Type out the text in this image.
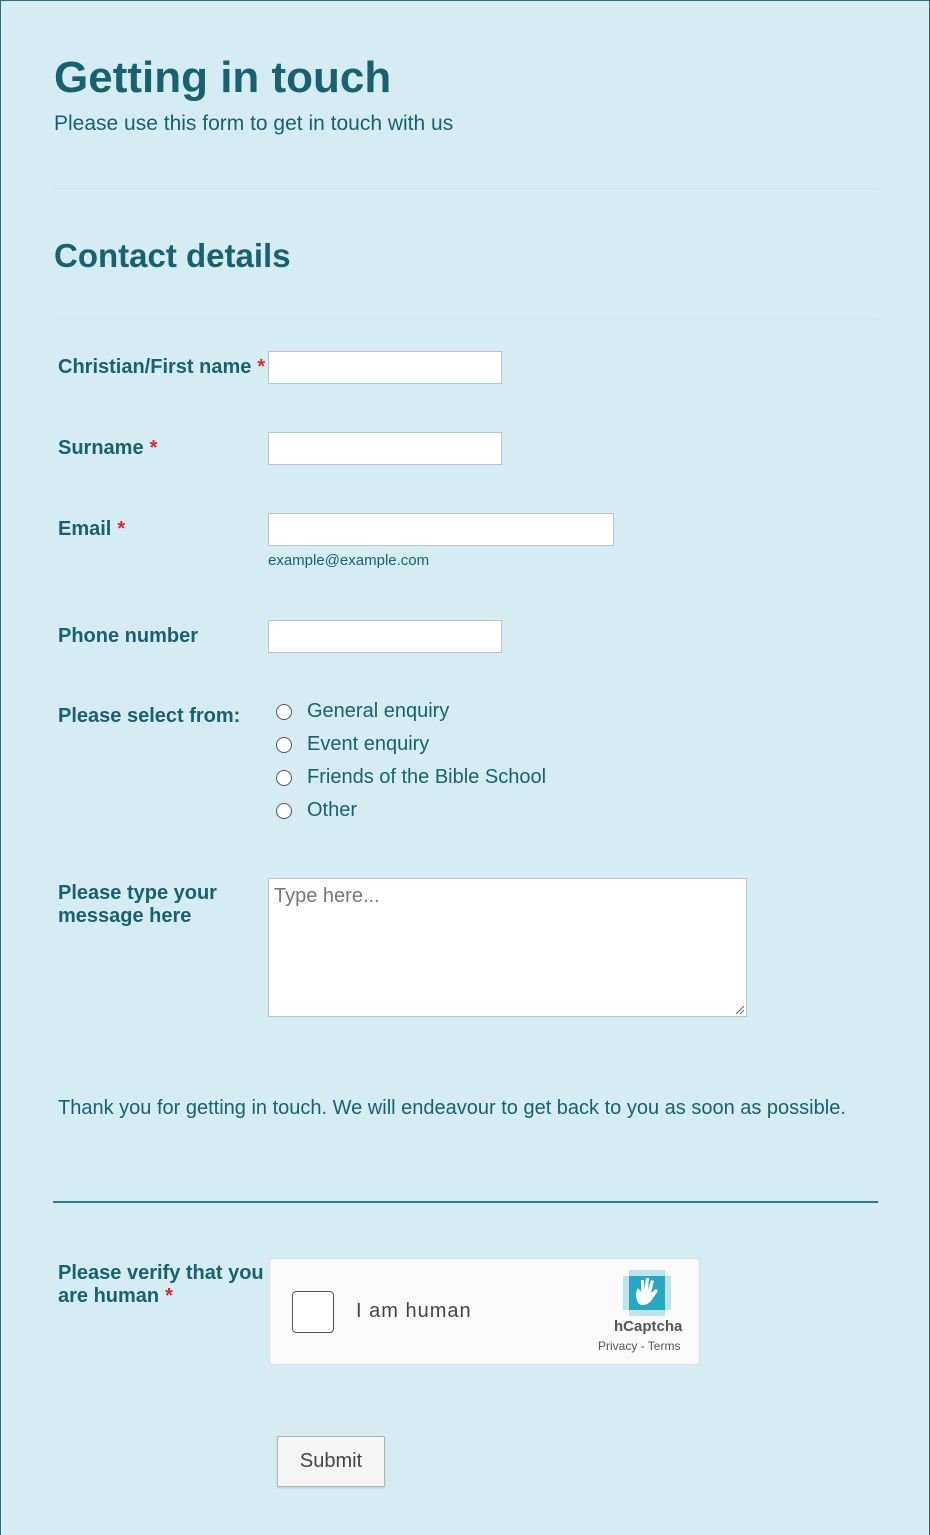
Getting in touch
Please use this form to get in touch with us
Contact details
Christian/First name *
Surname *
Email *
example@example.com
Phone number
Please select from:	General enquiry
Event enquiry
Friends of the Bible School
Other
Please type your message here
Type here...
Thank you for getting in touch. We will endeavour to get back to you as soon as possible.
Please verify that you are human *
I am human
hCaptcha
Privacy - Terms
Submit
